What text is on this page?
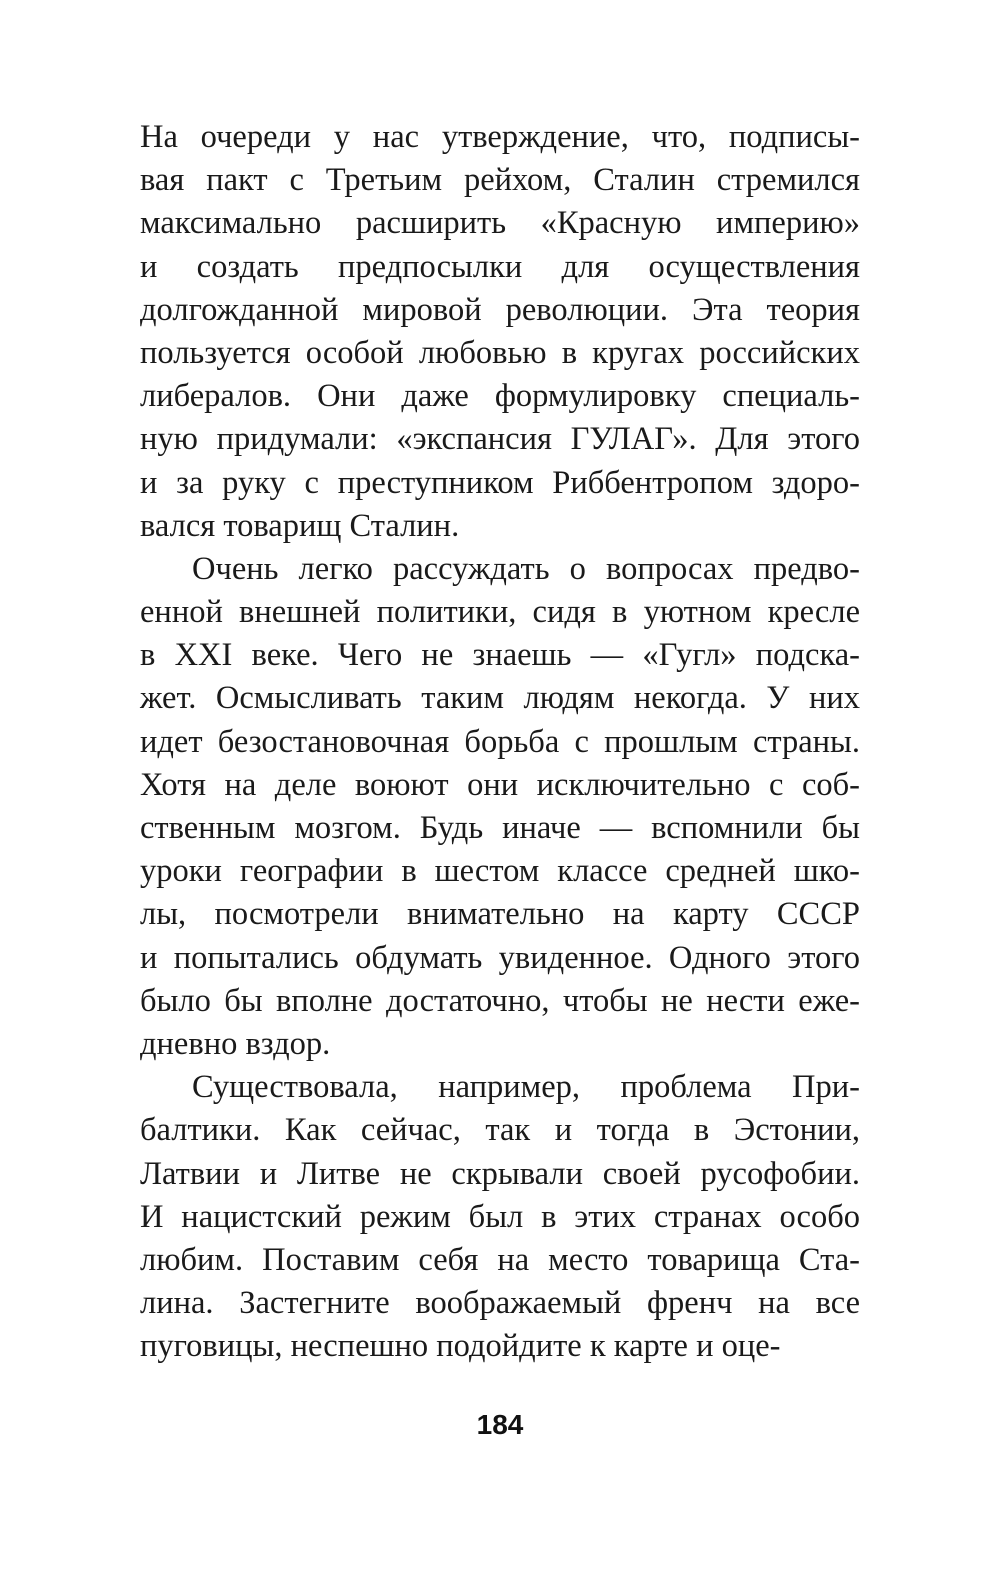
На очереди у нас утверждение, что, подписы-
вая пакт с Третьим рейхом, Сталин стремился
максимально расширить «Красную империю»
и создать предпосылки для осуществления
долгожданной мировой революции. Эта теория
пользуется особой любовью в кругах российских
либералов. Они даже формулировку специаль-
ную придумали: «экспансия ГУЛАГ». Для этого
и за руку с преступником Риббентропом здоро-
вался товарищ Сталин.
Очень легко рассуждать о вопросах предво-
енной внешней политики, сидя в уютном кресле
в XXI веке. Чего не знаешь — «Гугл» подска-
жет. Осмысливать таким людям некогда. У них
идет безостановочная борьба с прошлым страны.
Хотя на деле воюют они исключительно с соб-
ственным мозгом. Будь иначе — вспомнили бы
уроки географии в шестом классе средней шко-
лы, посмотрели внимательно на карту СССР
и попытались обдумать увиденное. Одного этого
было бы вполне достаточно, чтобы не нести еже-
дневно вздор.
Существовала, например, проблема При-
балтики. Как сейчас, так и тогда в Эстонии,
Латвии и Литве не скрывали своей русофобии.
И нацистский режим был в этих странах особо
любим. Поставим себя на место товарища Ста-
лина. Застегните воображаемый френч на все
пуговицы, неспешно подойдите к карте и оце-
184
